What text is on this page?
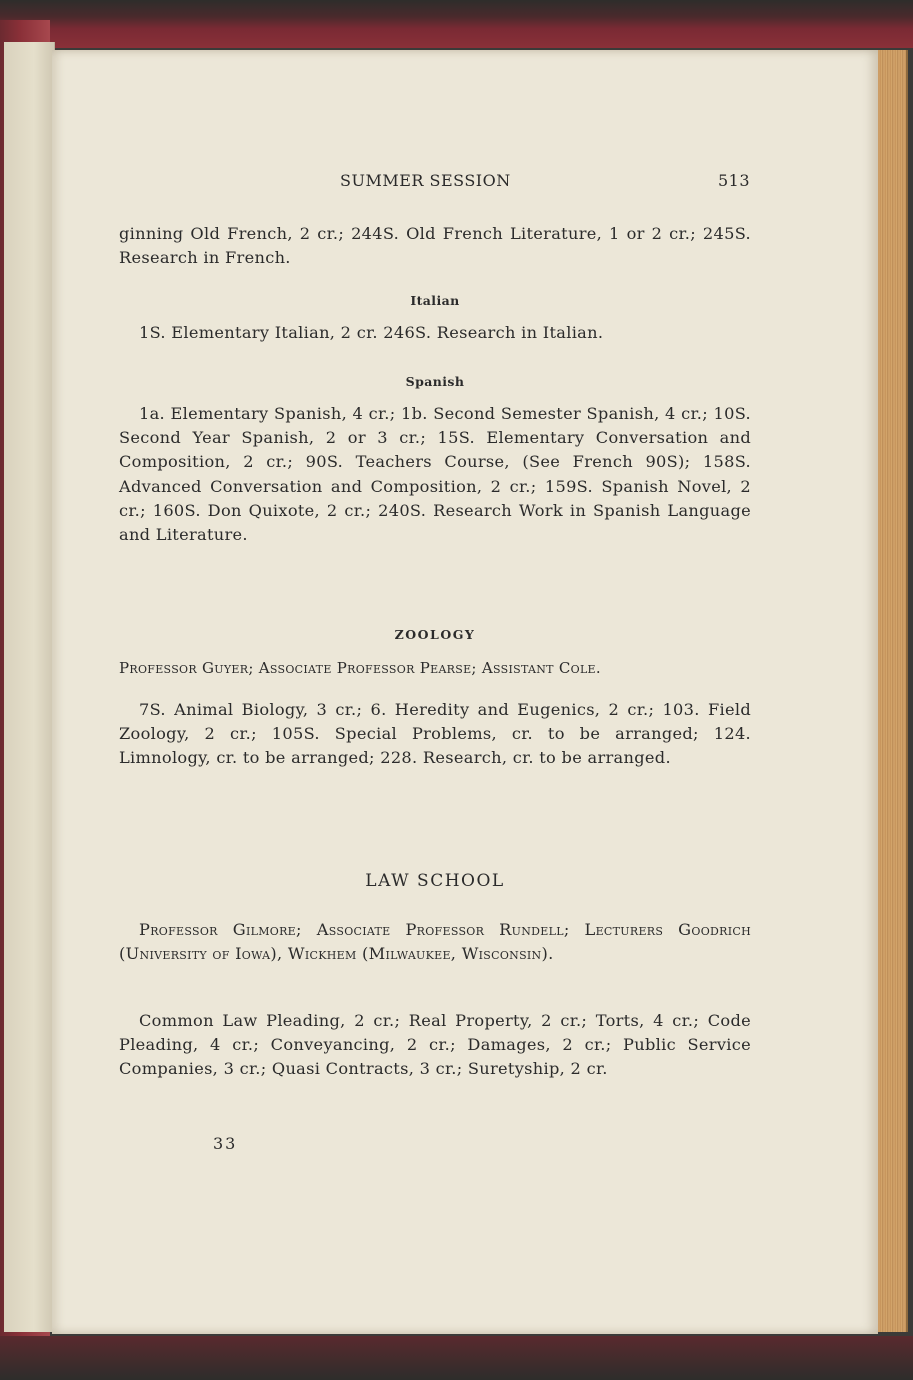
SUMMER SESSION	513
ginning Old French, 2 cr.; 244S. Old French Literature, 1 or 2 cr.; 245S. Research in French.
Italian
1S. Elementary Italian, 2 cr. 246S. Research in Italian.
Spanish
1a. Elementary Spanish, 4 cr.; 1b. Second Semester Spanish, 4 cr.; 10S. Second Year Spanish, 2 or 3 cr.; 15S. Elementary Conversation and Composition, 2 cr.; 90S. Teachers Course, (See French 90S); 158S. Advanced Conversation and Composition, 2 cr.; 159S. Spanish Novel, 2 cr.; 160S. Don Quixote, 2 cr.; 240S. Research Work in Spanish Language and Literature.
ZOOLOGY
Professor Guyer; Associate Professor Pearse; Assistant Cole.
7S. Animal Biology, 3 cr.; 6. Heredity and Eugenics, 2 cr.; 103. Field Zoology, 2 cr.; 105S. Special Problems, cr. to be arranged; 124. Limnology, cr. to be arranged; 228. Research, cr. to be arranged.
LAW SCHOOL
Professor Gilmore; Associate Professor Rundell; Lecturers Goodrich (University of Iowa), Wickhem (Milwaukee, Wisconsin).
Common Law Pleading, 2 cr.; Real Property, 2 cr.; Torts, 4 cr.; Code Pleading, 4 cr.; Conveyancing, 2 cr.; Damages, 2 cr.; Public Service Companies, 3 cr.; Quasi Contracts, 3 cr.; Suretyship, 2 cr.
33
